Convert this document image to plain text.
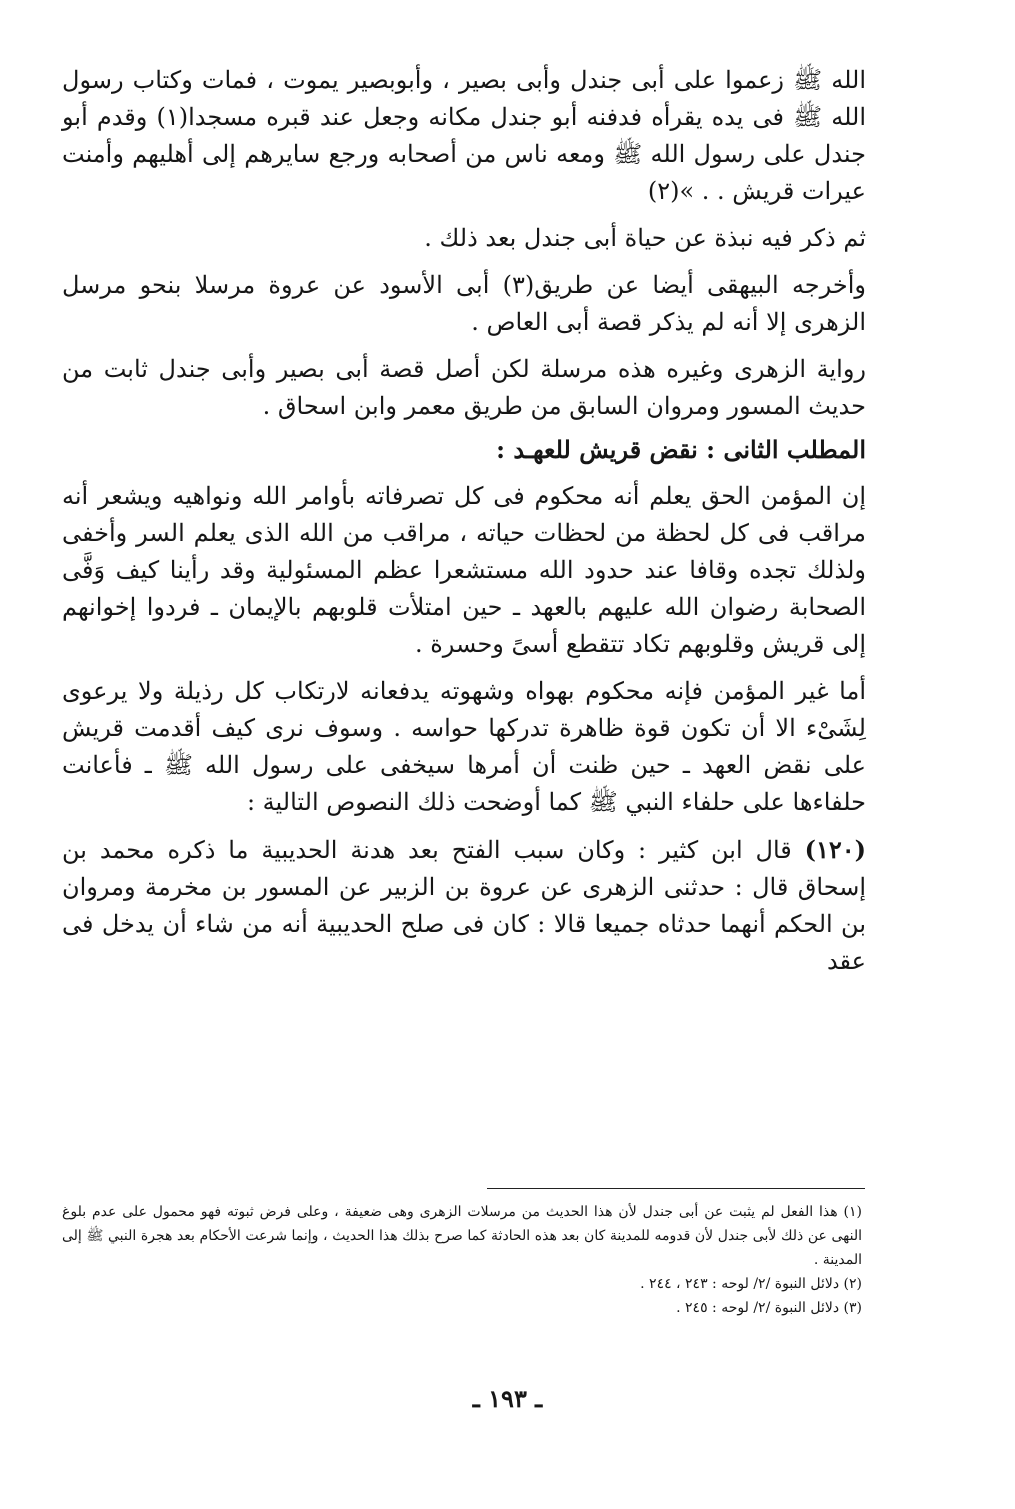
الله ﷺ زعموا على أبى جندل وأبى بصير ، وأبوبصير يموت ، فمات وكتاب رسول الله ﷺ فى يده يقرأه فدفنه أبو جندل مكانه وجعل عند قبره مسجدا(١) وقدم أبو جندل على رسول الله ﷺ ومعه ناس من أصحابه ورجع سايرهم إلى أهليهم وأمنت عيرات قريش . . »(٢)

ثم ذكر فيه نبذة عن حياة أبى جندل بعد ذلك .

وأخرجه البيهقى أيضا عن طريق(٣) أبى الأسود عن عروة مرسلا بنحو مرسل الزهرى إلا أنه لم يذكر قصة أبى العاص .

رواية الزهرى وغيره هذه مرسلة لكن أصل قصة أبى بصير وأبى جندل ثابت من حديث المسور ومروان السابق من طريق معمر وابن اسحاق .

المطلب الثانى : نقض قريش للعهـد :

إن المؤمن الحق يعلم أنه محكوم فى كل تصرفاته بأوامر الله ونواهيه ويشعر أنه مراقب فى كل لحظة من لحظات حياته ، مراقب من الله الذى يعلم السر وأخفى ولذلك تجده وقافا عند حدود الله مستشعرا عظم المسئولية وقد رأينا كيف وَفَّى الصحابة رضوان الله عليهم بالعهد ـ حين امتلأت قلوبهم بالإيمان ـ فردوا إخوانهم إلى قريش وقلوبهم تكاد تتقطع أسىً وحسرة .

أما غير المؤمن فإنه محكوم بهواه وشهوته يدفعانه لارتكاب كل رذيلة ولا يرعوى لِشَىْء الا أن تكون قوة ظاهرة تدركها حواسه . وسوف نرى كيف أقدمت قريش على نقض العهد ـ حين ظنت أن أمرها سيخفى على رسول الله ﷺ ـ فأعانت حلفاءها على حلفاء النبي ﷺ كما أوضحت ذلك النصوص التالية :

(١٢٠) قال ابن كثير : وكان سبب الفتح بعد هدنة الحديبية ما ذكره محمد بن إسحاق قال : حدثنى الزهرى عن عروة بن الزبير عن المسور بن مخرمة ومروان بن الحكم أنهما حدثاه جميعا قالا : كان فى صلح الحديبية أنه من شاء أن يدخل فى عقد

(١) هذا الفعل لم يثبت عن أبى جندل لأن هذا الحديث من مرسلات الزهرى وهى ضعيفة ، وعلى فرض ثبوته فهو محمول على عدم بلوغ النهى عن ذلك لأبى جندل لأن قدومه للمدينة كان بعد هذه الحادثة كما صرح بذلك هذا الحديث ، وإنما شرعت الأحكام بعد هجرة النبي ﷺ إلى المدينة .

(٢) دلائل النبوة /٢/ لوحه : ٢٤٣ ، ٢٤٤ .

(٣) دلائل النبوة /٢/ لوحه : ٢٤٥ .

ـ ١٩٣ ـ
